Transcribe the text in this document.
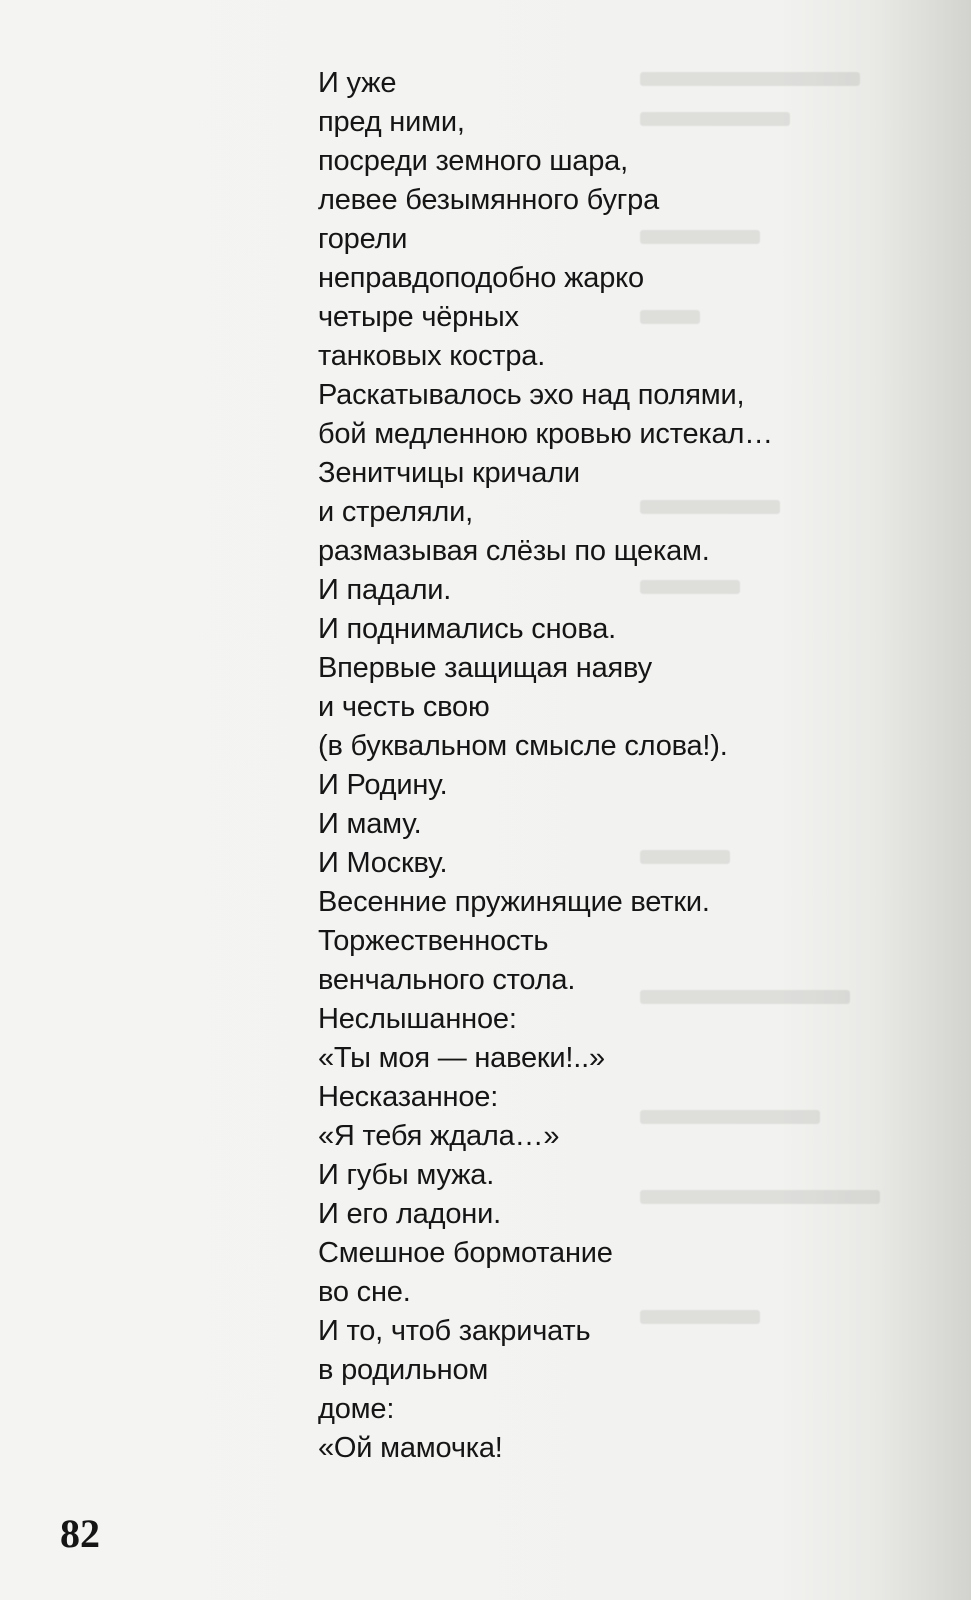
И уже
пред ними,
посреди земного шара,
левее безымянного бугра
горели
неправдоподобно жарко
четыре чёрных
танковых костра.
Раскатывалось эхо над полями,
бой медленною кровью истекал…
Зенитчицы кричали
и стреляли,
размазывая слёзы по щекам.
И падали.
И поднимались снова.
Впервые защищая наяву
и честь свою
(в буквальном смысле слова!).
И Родину.
И маму.
И Москву.
Весенние пружинящие ветки.
Торжественность
венчального стола.
Неслышанное:
«Ты моя — навеки!..»
Несказанное:
«Я тебя ждала…»
И губы мужа.
И его ладони.
Смешное бормотание
во сне.
И то, чтоб закричать
в родильном
доме:
«Ой мамочка!
82
